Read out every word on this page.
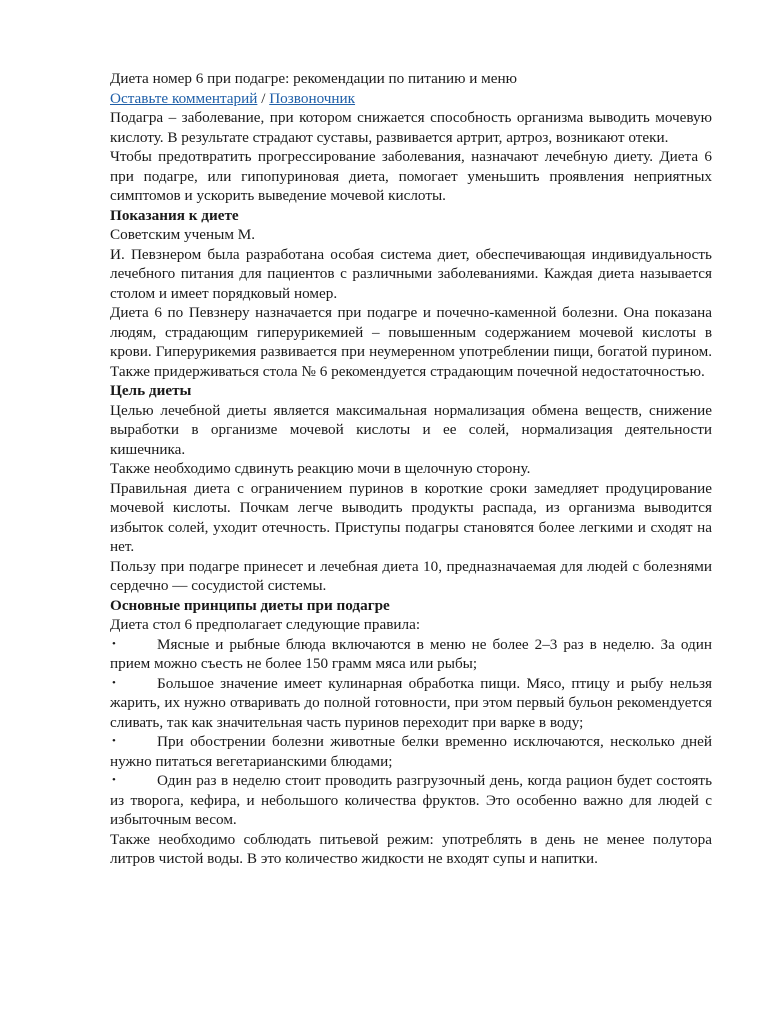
Диета номер 6 при подагре: рекомендации по питанию и меню

Оставьте комментарий / Позвоночник

Подагра – заболевание, при котором снижается способность организма выводить мочевую кислоту. В результате страдают суставы, развивается артрит, артроз, возникают отеки.

Чтобы предотвратить прогрессирование заболевания, назначают лечебную диету. Диета 6 при подагре, или гипопуриновая диета, помогает уменьшить проявления неприятных симптомов и ускорить выведение мочевой кислоты.

Показания к диете

Советским ученым М.

И. Певзнером была разработана особая система диет, обеспечивающая индивидуальность лечебного питания для пациентов с различными заболеваниями. Каждая диета называется столом и имеет порядковый номер.

Диета 6 по Певзнеру назначается при подагре и почечно-каменной болезни. Она показана людям, страдающим гиперурикемией – повышенным содержанием мочевой кислоты в крови. Гиперурикемия развивается при неумеренном употреблении пищи, богатой пурином. Также придерживаться стола № 6 рекомендуется страдающим почечной недостаточностью.

Цель диеты

Целью лечебной диеты является максимальная нормализация обмена веществ, снижение выработки в организме мочевой кислоты и ее солей, нормализация деятельности кишечника.

Также необходимо сдвинуть реакцию мочи в щелочную сторону.

Правильная диета с ограничением пуринов в короткие сроки замедляет продуцирование мочевой кислоты. Почкам легче выводить продукты распада, из организма выводится избыток солей, уходит отечность. Приступы подагры становятся более легкими и сходят на нет.

Пользу при подагре принесет и лечебная диета 10, предназначаемая для людей с болезнями сердечно — сосудистой системы.

Основные принципы диеты при подагре

Диета стол 6 предполагает следующие правила:

•	Мясные и рыбные блюда включаются в меню не более 2–3 раз в неделю. За один прием можно съесть не более 150 грамм мяса или рыбы;
•	Большое значение имеет кулинарная обработка пищи. Мясо, птицу и рыбу нельзя жарить, их нужно отваривать до полной готовности, при этом первый бульон рекомендуется сливать, так как значительная часть пуринов переходит при варке в воду;
•	При обострении болезни животные белки временно исключаются, несколько дней нужно питаться вегетарианскими блюдами;
•	Один раз в неделю стоит проводить разгрузочный день, когда рацион будет состоять из творога, кефира, и небольшого количества фруктов. Это особенно важно для людей с избыточным весом.

Также необходимо соблюдать питьевой режим: употреблять в день не менее полутора литров чистой воды. В это количество жидкости не входят супы и напитки.
